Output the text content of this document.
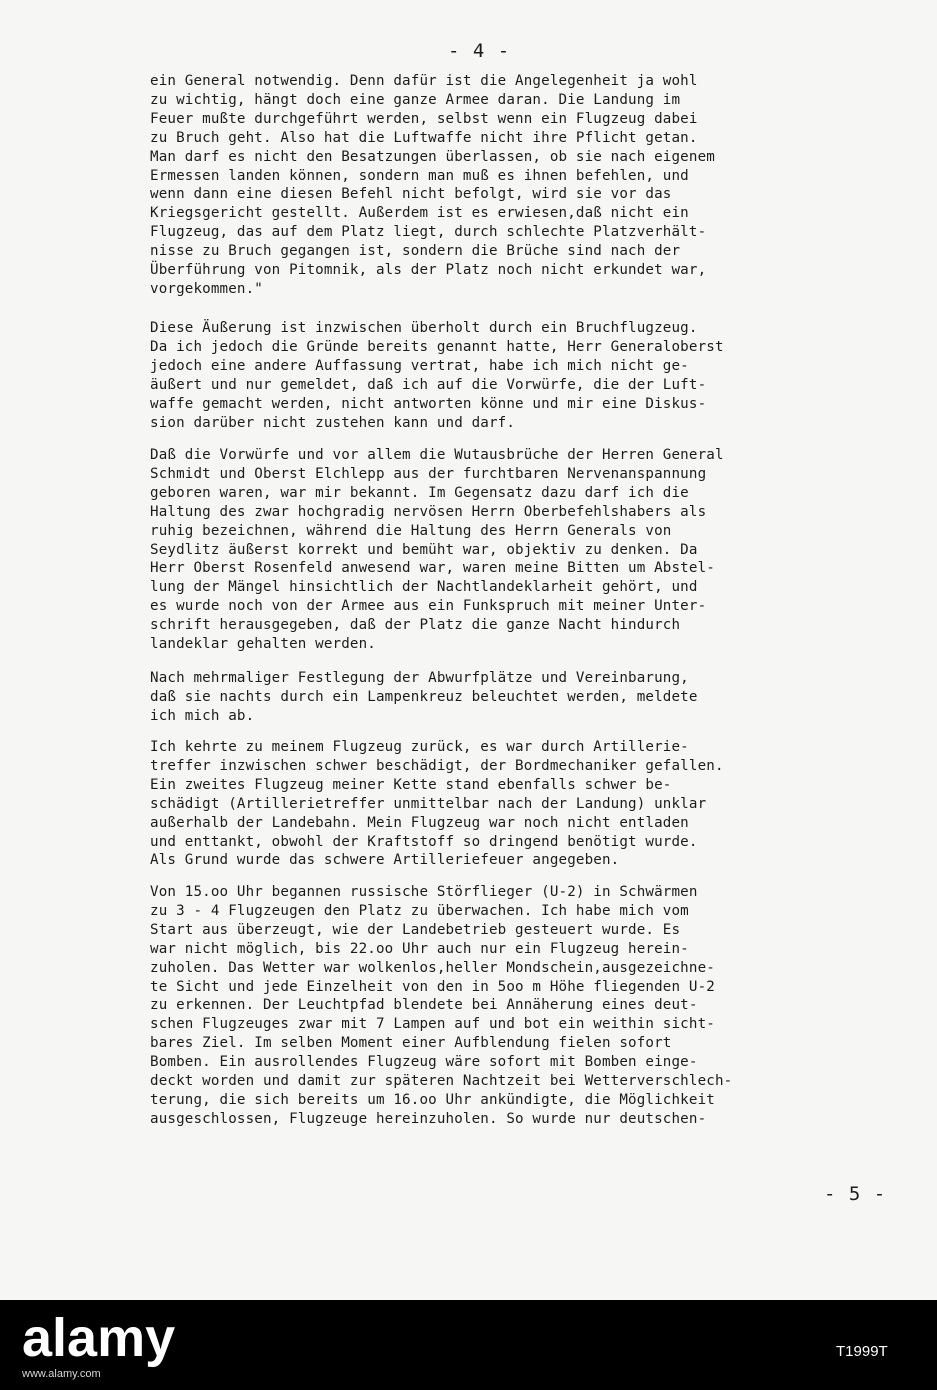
- 4 -

ein General notwendig. Denn dafür ist die Angelegenheit ja wohl
zu wichtig, hängt doch eine ganze Armee daran. Die Landung im
Feuer mußte durchgeführt werden, selbst wenn ein Flugzeug dabei
zu Bruch geht. Also hat die Luftwaffe nicht ihre Pflicht getan.
Man darf es nicht den Besatzungen überlassen, ob sie nach eigenem
Ermessen landen können, sondern man muß es ihnen befehlen, und
wenn dann eine diesen Befehl nicht befolgt, wird sie vor das
Kriegsgericht gestellt. Außerdem ist es erwiesen,daß nicht ein
Flugzeug, das auf dem Platz liegt, durch schlechte Platzverhält-
nisse zu Bruch gegangen ist, sondern die Brüche sind nach der
Überführung von Pitomnik, als der Platz noch nicht erkundet war,
vorgekommen."

Diese Äußerung ist inzwischen überholt durch ein Bruchflugzeug.
Da ich jedoch die Gründe bereits genannt hatte, Herr Generaloberst
jedoch eine andere Auffassung vertrat, habe ich mich nicht ge-
äußert und nur gemeldet, daß ich auf die Vorwürfe, die der Luft-
waffe gemacht werden, nicht antworten könne und mir eine Diskus-
sion darüber nicht zustehen kann und darf.

Daß die Vorwürfe und vor allem die Wutausbrüche der Herren General
Schmidt und Oberst Elchlepp aus der furchtbaren Nervenanspannung
geboren waren, war mir bekannt. Im Gegensatz dazu darf ich die
Haltung des zwar hochgradig nervösen Herrn Oberbefehlshabers als
ruhig bezeichnen, während die Haltung des Herrn Generals von
Seydlitz äußerst korrekt und bemüht war, objektiv zu denken. Da
Herr Oberst Rosenfeld anwesend war, waren meine Bitten um Abstel-
lung der Mängel hinsichtlich der Nachtlandeklarheit gehört, und
es wurde noch von der Armee aus ein Funkspruch mit meiner Unter-
schrift herausgegeben, daß der Platz die ganze Nacht hindurch
landeklar gehalten werden.

Nach mehrmaliger Festlegung der Abwurfplätze und Vereinbarung,
daß sie nachts durch ein Lampenkreuz beleuchtet werden, meldete
ich mich ab.

Ich kehrte zu meinem Flugzeug zurück, es war durch Artillerie-
treffer inzwischen schwer beschädigt, der Bordmechaniker gefallen.
Ein zweites Flugzeug meiner Kette stand ebenfalls schwer be-
schädigt (Artillerietreffer unmittelbar nach der Landung) unklar
außerhalb der Landebahn. Mein Flugzeug war noch nicht entladen
und enttankt, obwohl der Kraftstoff so dringend benötigt wurde.
Als Grund wurde das schwere Artilleriefeuer angegeben.

Von 15.oo Uhr begannen russische Störflieger (U-2) in Schwärmen
zu 3 - 4 Flugzeugen den Platz zu überwachen. Ich habe mich vom
Start aus überzeugt, wie der Landebetrieb gesteuert wurde. Es
war nicht möglich, bis 22.oo Uhr auch nur ein Flugzeug herein-
zuholen. Das Wetter war wolkenlos,heller Mondschein,ausgezeichne-
te Sicht und jede Einzelheit von den in 5oo m Höhe fliegenden U-2
zu erkennen. Der Leuchtpfad blendete bei Annäherung eines deut-
schen Flugzeuges zwar mit 7 Lampen auf und bot ein weithin sicht-
bares Ziel. Im selben Moment einer Aufblendung fielen sofort
Bomben. Ein ausrollendes Flugzeug wäre sofort mit Bomben einge-
deckt worden und damit zur späteren Nachtzeit bei Wetterverschlech-
terung, die sich bereits um 16.oo Uhr ankündigte, die Möglichkeit
ausgeschlossen, Flugzeuge hereinzuholen. So wurde nur deutschen-

- 5 -

alamy	T1999T

www.alamy.com
